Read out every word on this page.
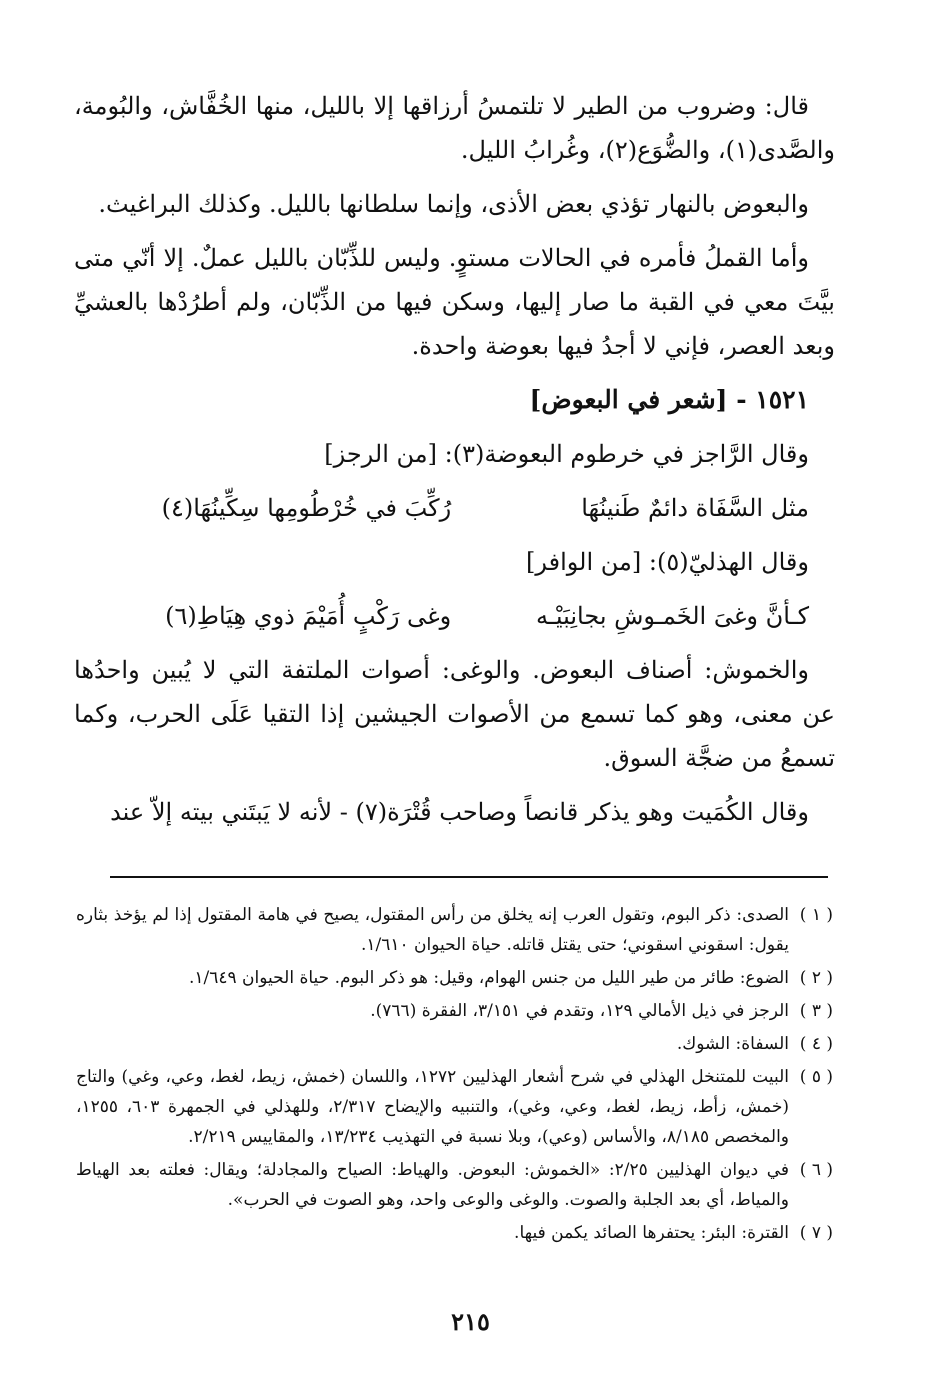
قال: وضروب من الطير لا تلتمسُ أرزاقها إلا بالليل، منها الخُفَّاش، والبُومة، والصَّدى(١)، والضُّوَع(٢)، وغُرابُ الليل.

والبعوض بالنهار تؤذي بعض الأذى، وإنما سلطانها بالليل. وكذلك البراغيث.

وأما القملُ فأمره في الحالات مستوٍ. وليس للذِّبّان بالليل عملٌ. إلا أنّي متى بيَّتَ معي في القبة ما صار إليها، وسكن فيها من الذِّبّان، ولم أطرُدْها بالعشيِّ وبعد العصر، فإني لا أجدُ فيها بعوضة واحدة.

١٥٢١ - [شعر في البعوض]

وقال الرَّاجز في خرطوم البعوضة(٣): [من الرجز]

مثل السَّفَاة دائمٌ طَنينُهَا
رُكِّبَ في خُرْطُومِها سِكِّينُهَا(٤)

وقال الهذليّ(٥): [من الوافر]

كـأنَّ وغىَ الخَمـوشِ بجانِبَيْـه
وغى رَكْبٍ أُمَيْمَ ذوي هِيَاطِ(٦)

والخموش: أصناف البعوض. والوغى: أصوات الملتفة التي لا يُبين واحدُها عن معنى، وهو كما تسمع من الأصوات الجيشين إذا التقيا عَلَى الحرب، وكما تسمعُ من ضجَّة السوق.

وقال الكُمَيت وهو يذكر قانصاً وصاحب قُتْرَة(٧) - لأنه لا يَبتَني بيته إلاّ عند

( ١ )
الصدى: ذكر البوم، وتقول العرب إنه يخلق من رأس المقتول، يصيح في هامة المقتول إذا لم يؤخذ بثاره يقول: اسقوني اسقوني؛ حتى يقتل قاتله. حياة الحيوان ١/٦١٠.
( ٢ )
الضوع: طائر من طير الليل من جنس الهوام، وقيل: هو ذكر البوم. حياة الحيوان ١/٦٤٩.
( ٣ )
الرجز في ذيل الأمالي ١٢٩، وتقدم في ٣/١٥١، الفقرة (٧٦٦).
( ٤ )
السفاة: الشوك.
( ٥ )
البيت للمتنخل الهذلي في شرح أشعار الهذليين ١٢٧٢، واللسان (خمش، زيط، لغط، وعي، وغي) والتاج (خمش، زأط، زيط، لغط، وعي، وغي)، والتنبيه والإيضاح ٢/٣١٧، وللهذلي في الجمهرة ٦٠٣، ١٢٥٥، والمخصص ٨/١٨٥، والأساس (وعي)، وبلا نسبة في التهذيب ١٣/٢٣٤، والمقاييس ٢/٢١٩.
( ٦ )
في ديوان الهذليين ٢/٢٥: «الخموش: البعوض. والهياط: الصياح والمجادلة؛ ويقال: فعلته بعد الهياط والمياط، أي بعد الجلبة والصوت. والوغى والوعى واحد، وهو الصوت في الحرب».
( ٧ )
القترة: البئر: يحتفرها الصائد يكمن فيها.
٢١٥
